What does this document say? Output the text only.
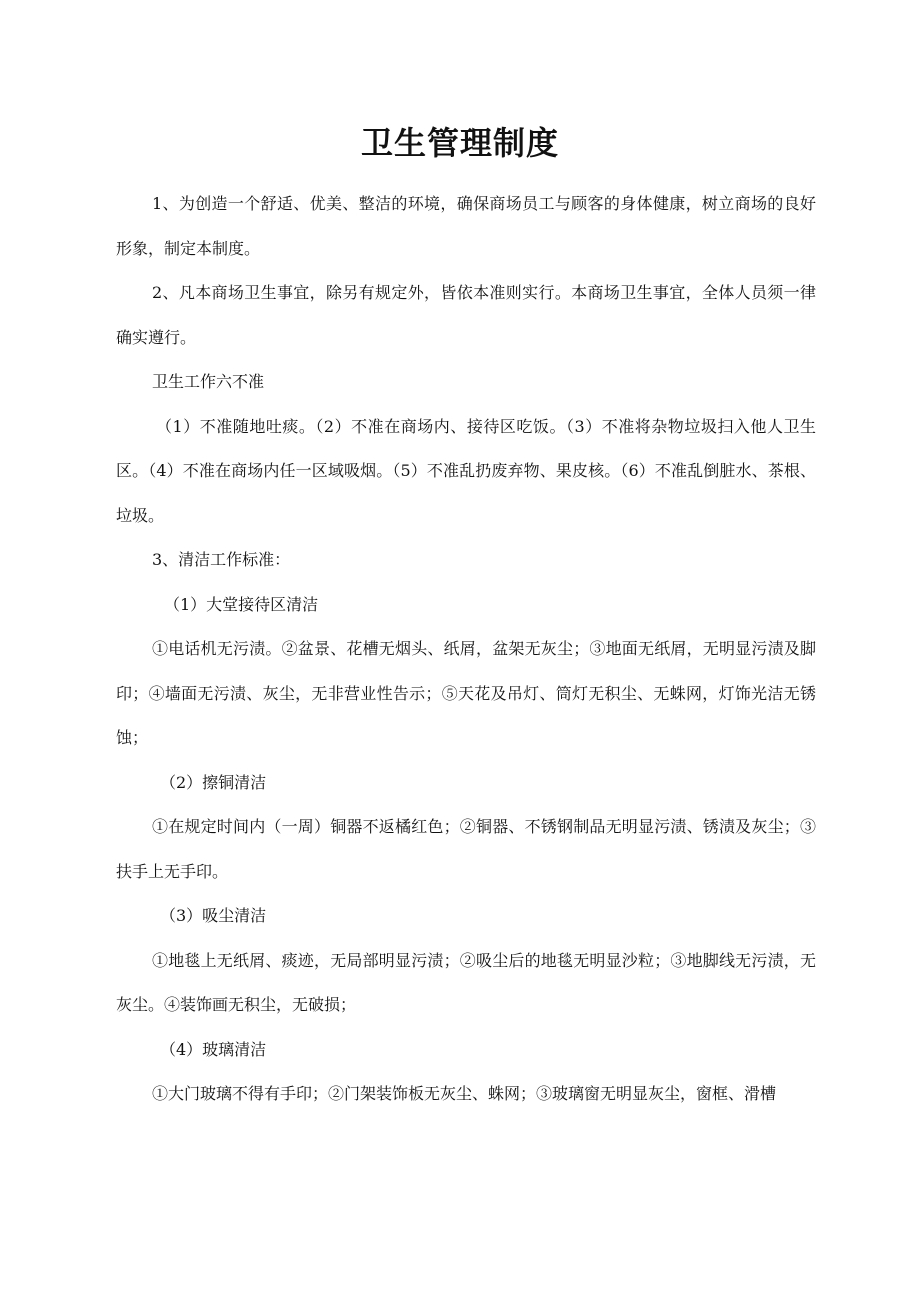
卫生管理制度

1、为创造一个舒适、优美、整洁的环境，确保商场员工与顾客的身体健康，树立商场的良好形象，制定本制度。

2、凡本商场卫生事宜，除另有规定外，皆依本准则实行。本商场卫生事宜，全体人员须一律确实遵行。

卫生工作六不准

（1）不准随地吐痰。（2）不准在商场内、接待区吃饭。（3）不准将杂物垃圾扫入他人卫生区。（4）不准在商场内任一区域吸烟。（5）不准乱扔废弃物、果皮核。（6）不准乱倒脏水、茶根、垃圾。

3、清洁工作标准：

（1）大堂接待区清洁

①电话机无污渍。②盆景、花槽无烟头、纸屑，盆架无灰尘；③地面无纸屑，无明显污渍及脚印；④墙面无污渍、灰尘，无非营业性告示；⑤天花及吊灯、筒灯无积尘、无蛛网，灯饰光洁无锈蚀；

（2）擦铜清洁

①在规定时间内（一周）铜器不返橘红色；②铜器、不锈钢制品无明显污渍、锈渍及灰尘；③扶手上无手印。

（3）吸尘清洁

①地毯上无纸屑、痰迹，无局部明显污渍；②吸尘后的地毯无明显沙粒；③地脚线无污渍，无灰尘。④装饰画无积尘，无破损；

（4）玻璃清洁

①大门玻璃不得有手印；②门架装饰板无灰尘、蛛网；③玻璃窗无明显灰尘，窗框、滑槽
